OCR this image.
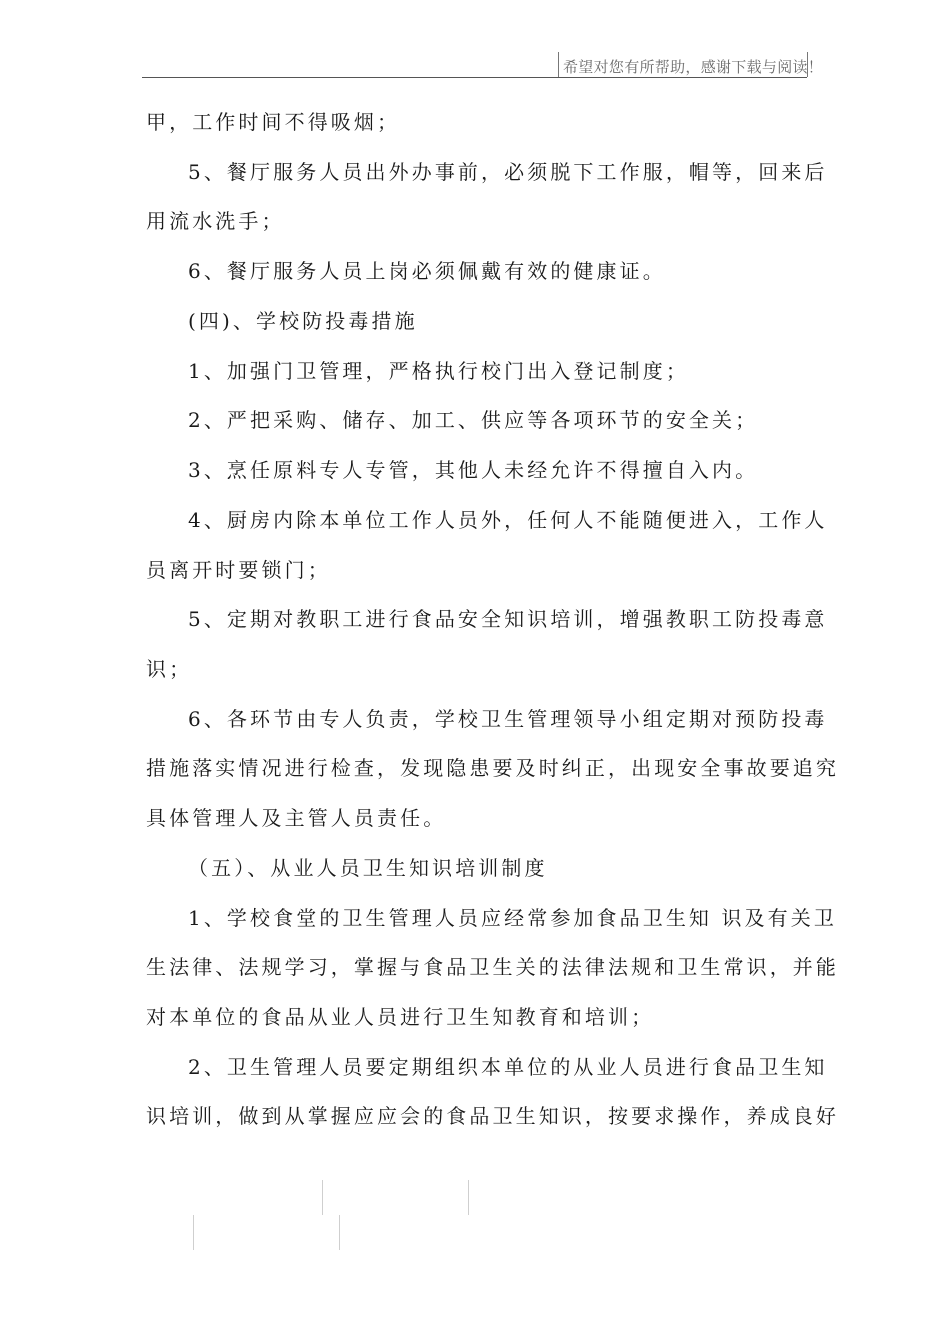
希望对您有所帮助，感谢下载与阅读！
甲，工作时间不得吸烟；
5、餐厅服务人员出外办事前，必须脱下工作服，帽等，回来后
用流水洗手；
6、餐厅服务人员上岗必须佩戴有效的健康证。
(四)、学校防投毒措施
1、加强门卫管理，严格执行校门出入登记制度；
2、严把采购、储存、加工、供应等各项环节的安全关；
3、烹任原料专人专管，其他人未经允许不得擅自入内。
4、厨房内除本单位工作人员外，任何人不能随便进入，工作人
员离开时要锁门；
5、定期对教职工进行食品安全知识培训，增强教职工防投毒意
识；
6、各环节由专人负责，学校卫生管理领导小组定期对预防投毒
措施落实情况进行检查，发现隐患要及时纠正，出现安全事故要追究
具体管理人及主管人员责任。
（五）、从业人员卫生知识培训制度
1、学校食堂的卫生管理人员应经常参加食品卫生知 识及有关卫
生法律、法规学习，掌握与食品卫生关的法律法规和卫生常识，并能
对本单位的食品从业人员进行卫生知教育和培训；
2、卫生管理人员要定期组织本单位的从业人员进行食品卫生知
识培训，做到从掌握应应会的食品卫生知识，按要求操作，养成良好
